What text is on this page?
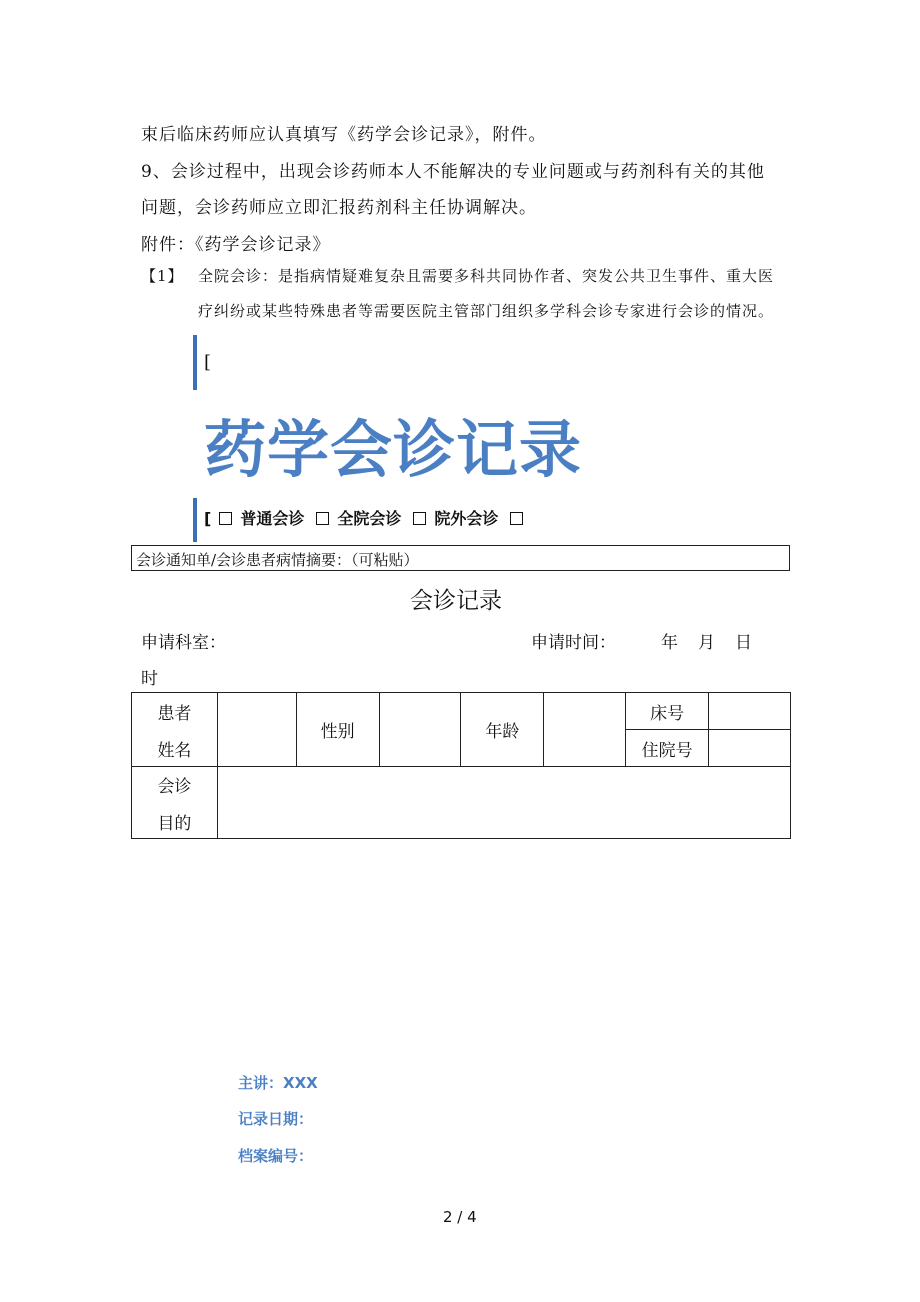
束后临床药师应认真填写《药学会诊记录》，附件。
9、会诊过程中，出现会诊药师本人不能解决的专业问题或与药剂科有关的其他
问题，会诊药师应立即汇报药剂科主任协调解决。
附件：《药学会诊记录》
【1】 全院会诊：是指病情疑难复杂且需要多科共同协作者、突发公共卫生事件、重大医
疗纠纷或某些特殊患者等需要医院主管部门组织多学科会诊专家进行会诊的情况。
[
药学会诊记录
[ 普通会诊 全院会诊 院外会诊
会诊通知单/会诊患者病情摘要：（可粘贴）
会诊记录
申请科室：	申请时间：	年 月 日
时
患者
姓名		性别		年龄		床号	
						住院号	

会诊
目的							

主讲：XXX
记录日期：
档案编号：
2 / 4
